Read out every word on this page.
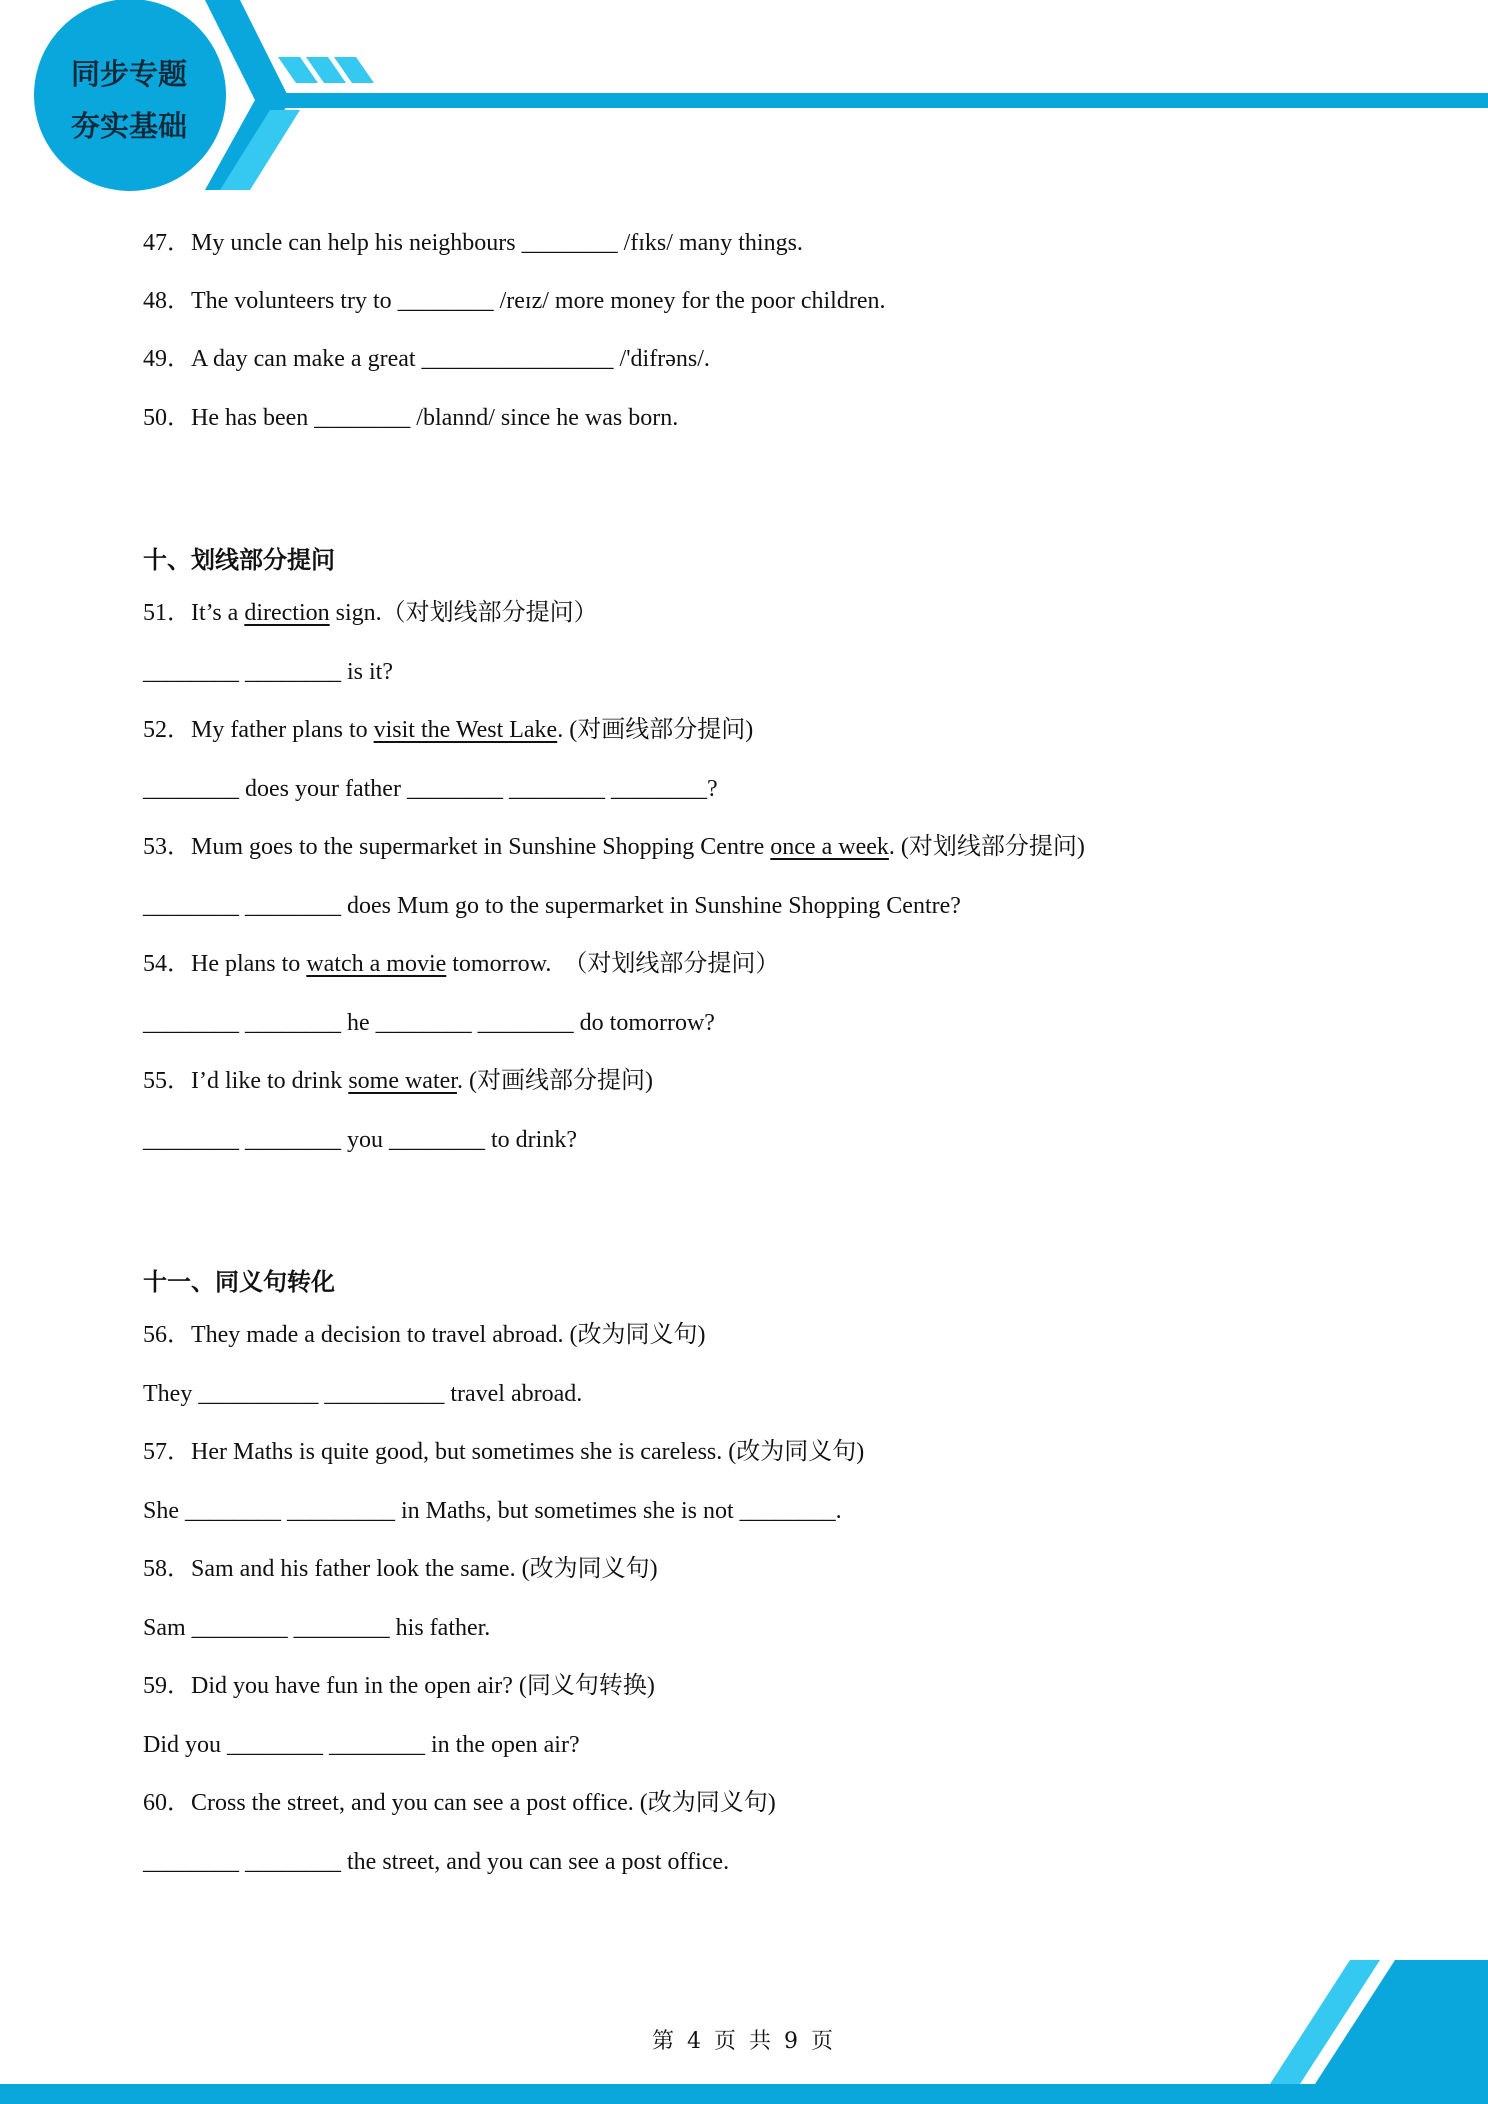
同步专题
夯实基础
47．My uncle can help his neighbours ________ /fɪks/ many things.
48．The volunteers try to ________ /reɪz/ more money for the poor children.
49．A day can make a great ________________ /'difrəns/.
50．He has been ________ /blannd/ since he was born.
十、划线部分提问
51．It’s a direction sign.（对划线部分提问）
________ ________ is it?
52．My father plans to visit the West Lake. (对画线部分提问)
________ does your father ________ ________ ________?
53．Mum goes to the supermarket in Sunshine Shopping Centre once a week. (对划线部分提问)
________ ________ does Mum go to the supermarket in Sunshine Shopping Centre?
54．He plans to watch a movie tomorrow.  （对划线部分提问）
________ ________ he ________ ________ do tomorrow?
55．I’d like to drink some water. (对画线部分提问)
________ ________ you ________ to drink?
十一、同义句转化
56．They made a decision to travel abroad. (改为同义句)
They __________ __________ travel abroad.
57．Her Maths is quite good, but sometimes she is careless. (改为同义句)
She ________ _________ in Maths, but sometimes she is not ________.
58．Sam and his father look the same. (改为同义句)
Sam ________ ________ his father.
59．Did you have fun in the open air? (同义句转换)
Did you ________ ________ in the open air?
60．Cross the street, and you can see a post office. (改为同义句)
________ ________ the street, and you can see a post office.
第 4 页 共 9 页
